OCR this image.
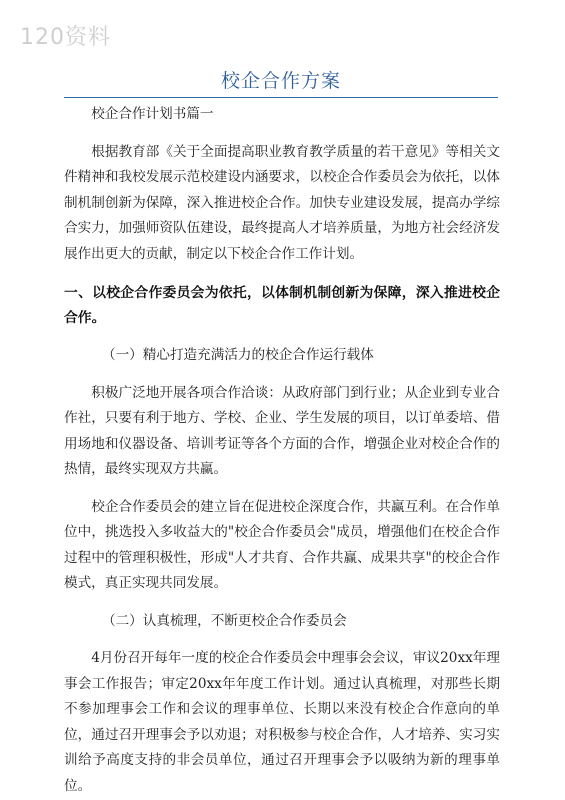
120资料
校企合作方案

校企合作计划书篇一

根据教育部《关于全面提高职业教育教学质量的若干意见》等相关文件精神和我校发展示范校建设内涵要求，以校企合作委员会为依托，以体制机制创新为保障，深入推进校企合作。加快专业建设发展，提高办学综合实力，加强师资队伍建设，最终提高人才培养质量，为地方社会经济发展作出更大的贡献，制定以下校企合作工作计划。

一、以校企合作委员会为依托，以体制机制创新为保障，深入推进校企合作。

（一）精心打造充满活力的校企合作运行载体

积极广泛地开展各项合作洽谈：从政府部门到行业；从企业到专业合作社，只要有利于地方、学校、企业、学生发展的项目，以订单委培、借用场地和仪器设备、培训考证等各个方面的合作，增强企业对校企合作的热情，最终实现双方共赢。

校企合作委员会的建立旨在促进校企深度合作，共赢互利。在合作单位中，挑选投入多收益大的"校企合作委员会"成员，增强他们在校企合作过程中的管理积极性，形成"人才共育、合作共赢、成果共享"的校企合作模式，真正实现共同发展。

（二）认真梳理，不断更校企合作委员会

4月份召开每年一度的校企合作委员会中理事会会议，审议20xx年理事会工作报告；审定20xx年年度工作计划。通过认真梳理，对那些长期不参加理事会工作和会议的理事单位、长期以来没有校企合作意向的单位，通过召开理事会予以劝退；对积极参与校企合作，人才培养、实习实训给予高度支持的非会员单位，通过召开理事会予以吸纳为新的理事单位。
